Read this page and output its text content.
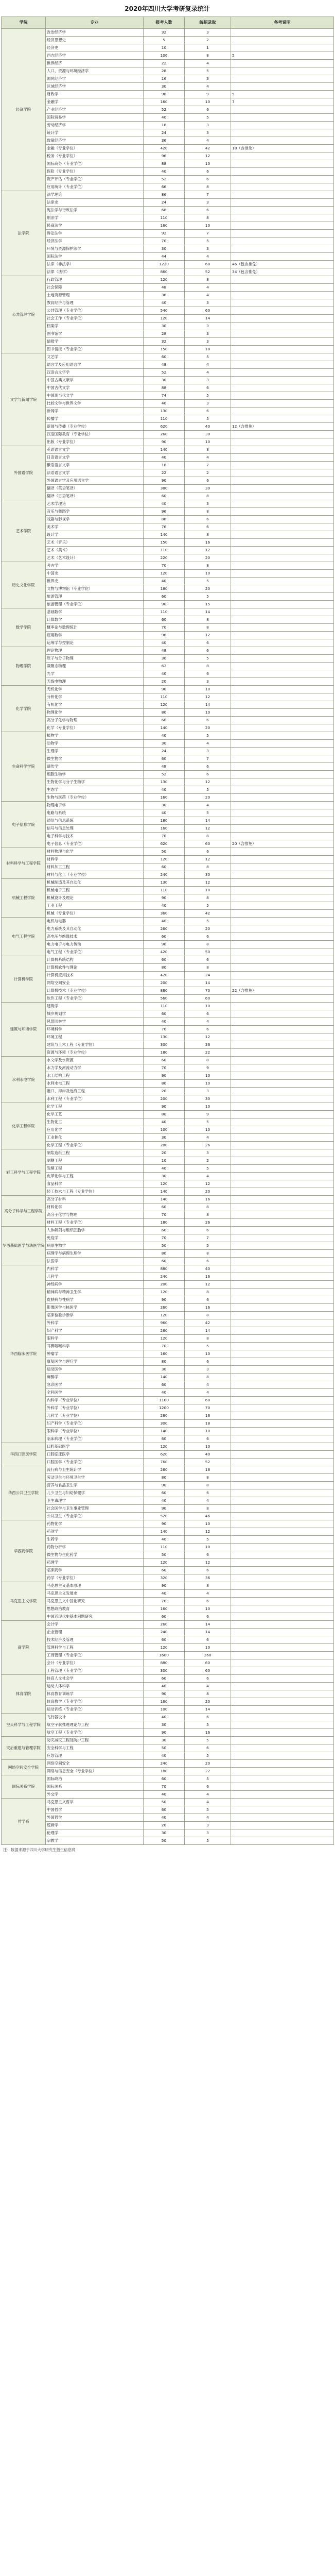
2020年四川大学考研复录统计
学院	专业	报考人数	统招录取	备考说明
经济学院	政治经济学	32	3	
	经济思想史	5	2	
	经济史	10	1	
	西方经济学	106	8	5
	世界经济	22	4	
	人口、资源与环境经济学	28	5	
	国民经济学	16	3	
	区域经济学	30	4	
	财政学	98	9	5
	金融学	160	10	7
	产业经济学	52	6	
	国际贸易学	40	5	
	劳动经济学	18	3	
	统计学	24	3	
	数量经济学	36	4	
	金融（专业学位）	420	42	18（含推免）
	税务（专业学位）	96	12	
	国际商务（专业学位）	88	10	
	保险（专业学位）	40	6	
	资产评估（专业学位）	52	6	
	应用统计（专业学位）	66	8	
法学院	法学理论	86	7	
	法律史	24	3	
	宪法学与行政法学	68	6	
	刑法学	110	8	
	民商法学	160	10	
	诉讼法学	92	7	
	经济法学	70	5	
	环境与资源保护法学	30	3	
	国际法学	44	4	
	法律（非法学）	1220	68	46（包含推免）
	法律（法学）	860	52	34（包含推免）
公共管理学院	行政管理	120	8	
	社会保障	48	4	
	土地资源管理	36	4	
	教育经济与管理	40	3	
	公共管理（专业学位）	540	60	
	社会工作（专业学位）	120	14	
	档案学	30	3	
	图书馆学	28	3	
	情报学	32	3	
	图书情报（专业学位）	150	18	
文学与新闻学院	文艺学	60	5	
	语言学及应用语言学	48	4	
	汉语言文字学	52	4	
	中国古典文献学	30	3	
	中国古代文学	88	6	
	中国现当代文学	74	5	
	比较文学与世界文学	40	3	
	新闻学	130	6	
	传播学	110	5	
	新闻与传播（专业学位）	620	40	12（含推免）
	汉语国际教育（专业学位）	260	30	
	出版（专业学位）	90	10	
外国语学院	英语语言文学	140	8	
	日语语言文学	40	4	
	俄语语言文学	18	2	
	法语语言文学	22	2	
	外国语言学及应用语言学	90	6	
	翻译（英语笔译）	380	30	
	翻译（日语笔译）	60	8	
艺术学院	艺术学理论	40	3	
	音乐与舞蹈学	96	8	
	戏剧与影视学	88	6	
	美术学	76	6	
	设计学	140	8	
	艺术（音乐）	150	16	
	艺术（美术）	110	12	
	艺术（艺术设计）	220	20	
历史文化学院	考古学	70	8	
	中国史	120	10	
	世界史	40	5	
	文物与博物馆（专业学位）	180	20	
	旅游管理	60	5	
	旅游管理（专业学位）	90	15	
数学学院	基础数学	110	14	
	计算数学	60	8	
	概率论与数理统计	70	8	
	应用数学	96	12	
	运筹学与控制论	40	6	
物理学院	理论物理	48	6	
	原子与分子物理	30	5	
	凝聚态物理	62	8	
	光学	40	6	
	无线电物理	20	3	
化学学院	无机化学	90	10	
	分析化学	110	12	
	有机化学	120	14	
	物理化学	80	10	
	高分子化学与物理	60	6	
	化学（专业学位）	140	20	
生命科学学院	植物学	40	5	
	动物学	30	4	
	生理学	24	3	
	微生物学	60	7	
	遗传学	48	6	
	细胞生物学	52	6	
	生物化学与分子生物学	130	12	
	生态学	40	5	
	生物与医药（专业学位）	160	20	
电子信息学院	物理电子学	30	4	
	电路与系统	40	5	
	通信与信息系统	180	14	
	信号与信息处理	160	12	
	电子科学与技术	70	8	
	电子信息（专业学位）	620	60	20（含推免）
材料科学与工程学院	材料物理与化学	50	6	
	材料学	120	12	
	材料加工工程	60	8	
	材料与化工（专业学位）	240	30	
机械工程学院	机械制造及其自动化	130	12	
	机械电子工程	110	10	
	机械设计及理论	90	8	
	工业工程	40	5	
	机械（专业学位）	360	42	
电气工程学院	电机与电器	40	5	
	电力系统及其自动化	260	20	
	高电压与绝缘技术	60	6	
	电力电子与电力传动	90	8	
	电气工程（专业学位）	420	50	
计算机学院	计算机系统结构	60	6	
	计算机软件与理论	80	8	
	计算机应用技术	420	24	
	网络空间安全	200	14	
	计算机技术（专业学位）	880	70	22（含推免）
	软件工程（专业学位）	560	60	
建筑与环境学院	建筑学	110	10	
	城乡规划学	60	6	
	风景园林学	40	4	
	环境科学	70	6	
	环境工程	130	12	
	建筑与土木工程（专业学位）	300	36	
	资源与环境（专业学位）	180	22	
水利水电学院	水文学及水资源	60	8	
	水力学及河流动力学	70	9	
	水工结构工程	90	10	
	水利水电工程	80	10	
	港口、海岸及近海工程	20	3	
	水利工程（专业学位）	200	30	
化学工程学院	化学工程	90	10	
	化学工艺	80	9	
	生物化工	40	5	
	应用化学	100	10	
	工业催化	30	4	
	化学工程（专业学位）	200	26	
轻工科学与工程学院	制浆造纸工程	20	3	
	制糖工程	10	2	
	发酵工程	40	5	
	皮革化学与工程	30	4	
	食品科学	120	12	
	轻工技术与工程（专业学位）	140	20	
高分子科学与工程学院	高分子材料	140	16	
	材料化学	60	8	
	高分子化学与物理	70	8	
	材料工程（专业学位）	180	26	
华西基础医学与法医学院	人体解剖与组织胚胎学	60	6	
	免疫学	70	7	
	病原生物学	50	5	
	病理学与病理生理学	80	8	
	法医学	60	6	
华西临床医学院	内科学	880	40	
	儿科学	240	16	
	神经病学	200	12	
	精神病与精神卫生学	120	8	
	皮肤病与性病学	90	6	
	影像医学与核医学	260	16	
	临床检验诊断学	120	8	
	外科学	960	42	
	妇产科学	260	14	
	眼科学	120	8	
	耳鼻咽喉科学	70	5	
	肿瘤学	160	10	
	康复医学与理疗学	80	6	
	运动医学	30	3	
	麻醉学	140	8	
	急诊医学	60	4	
	全科医学	40	4	
	内科学（专业学位）	1100	60	
	外科学（专业学位）	1200	70	
	儿科学（专业学位）	260	16	
	妇产科学（专业学位）	300	18	
	眼科学（专业学位）	140	10	
	临床病理（专业学位）	60	6	
华西口腔医学院	口腔基础医学	120	10	
	口腔临床医学	620	40	
	口腔医学（专业学位）	760	52	
华西公共卫生学院	流行病与卫生统计学	260	18	
	劳动卫生与环境卫生学	80	8	
	营养与食品卫生学	90	8	
	儿少卫生与妇幼保健学	60	6	
	卫生毒理学	40	4	
	社会医学与卫生事业管理	90	8	
	公共卫生（专业学位）	520	46	
华西药学院	药物化学	90	10	
	药剂学	140	12	
	生药学	40	5	
	药物分析学	110	10	
	微生物与生化药学	50	6	
	药理学	120	12	
	临床药学	60	6	
	药学（专业学位）	320	36	
马克思主义学院	马克思主义基本原理	90	8	
	马克思主义发展史	40	4	
	马克思主义中国化研究	70	6	
	思想政治教育	160	10	
	中国近现代史基本问题研究	60	6	
商学院	会计学	260	14	
	企业管理	240	14	
	技术经济及管理	60	6	
	管理科学与工程	120	10	
	工商管理（专业学位）	1600	260	
	会计（专业学位）	880	60	
	工程管理（专业学位）	300	60	
体育学院	体育人文社会学	60	6	
	运动人体科学	40	4	
	体育教育训练学	90	8	
	体育教学（专业学位）	160	20	
	运动训练（专业学位）	100	14	
空天科学与工程学院	飞行器设计	40	6	
	航空宇航推进理论与工程	30	5	
	航空工程（专业学位）	90	16	
灾后重建与管理学院	防灾减灾工程及防护工程	30	5	
	安全科学与工程	50	6	
	应急管理	40	5	
网络空间安全学院	网络空间安全	240	20	
	网络与信息安全（专业学位）	180	22	
国际关系学院	国际政治	60	5	
	国际关系	70	6	
	外交学	40	4	
哲学系	马克思主义哲学	50	4	
	中国哲学	60	5	
	外国哲学	40	4	
	逻辑学	20	3	
	伦理学	30	3	
	宗教学	50	5	
注：数据来源于四川大学研究生招生信息网
